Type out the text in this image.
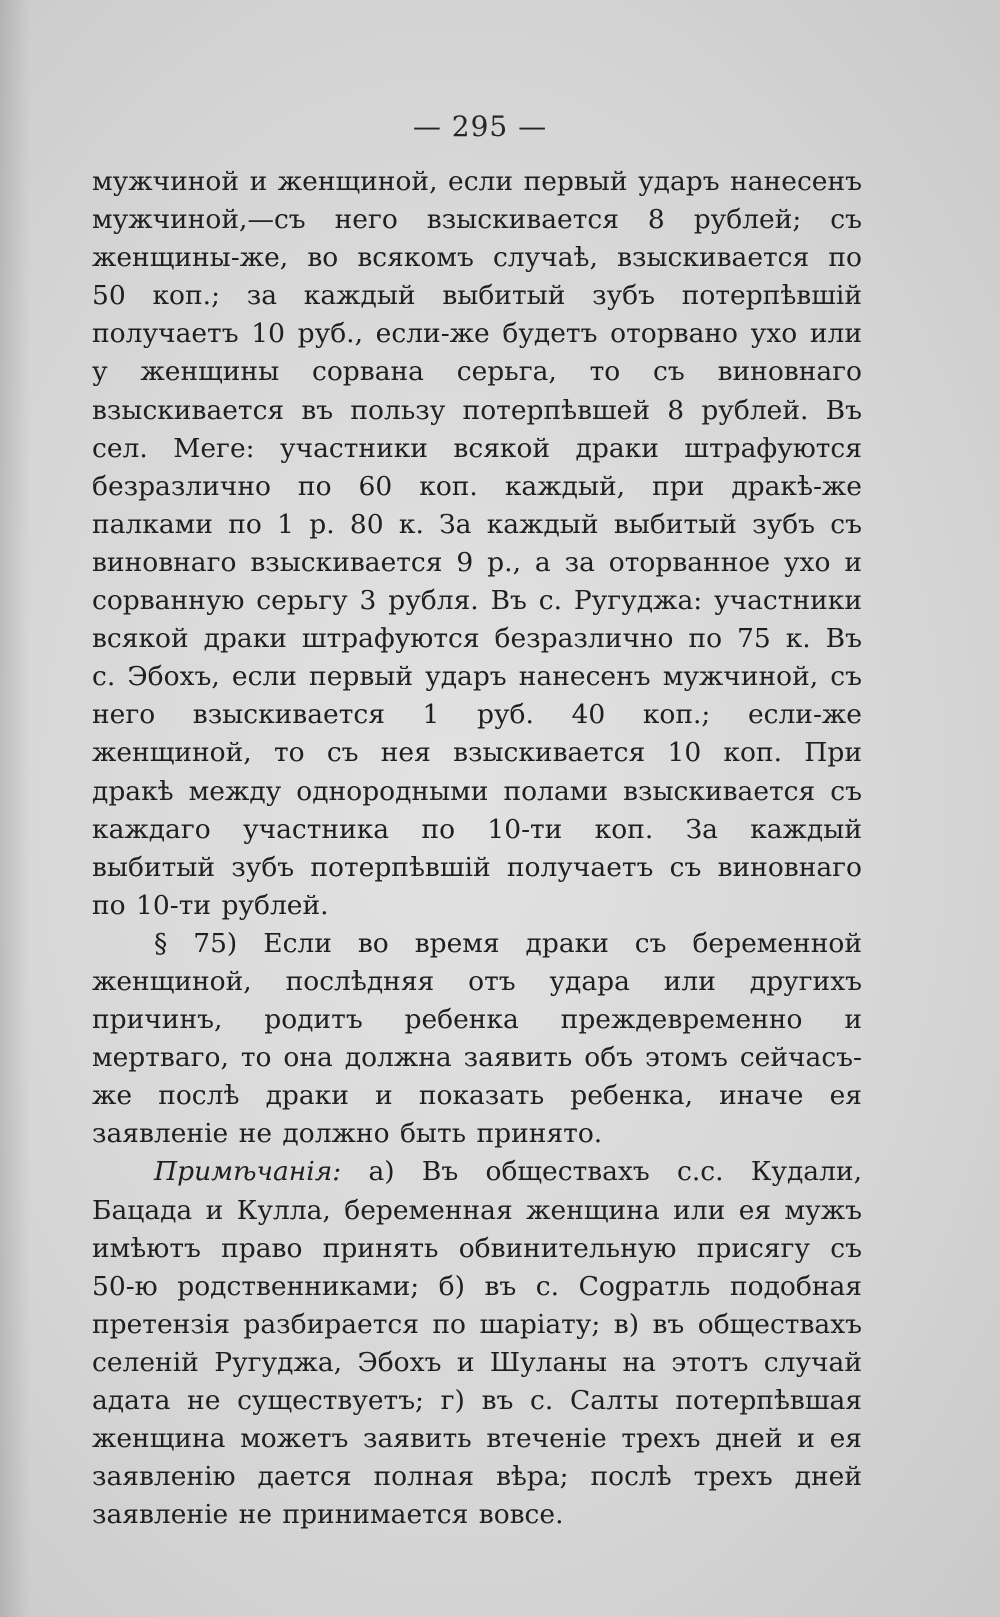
— 295 —

мужчиной и женщиной, если первый ударъ нанесенъ мужчиной,—съ него взыскивается 8 рублей; съ женщины-же, во всякомъ случаѣ, взыскивается по 50 коп.; за каждый выбитый зубъ потерпѣвшій получаетъ 10 руб., если-же будетъ оторвано ухо или у женщины сорвана серьга, то съ виновнаго взыскивается въ пользу потерпѣвшей 8 рублей. Въ сел. Меге: участники всякой драки штрафуются безразлично по 60 коп. каждый, при дракѣ-же палками по 1 р. 80 к. За каждый выбитый зубъ съ виновнаго взыскивается 9 р., а за оторванное ухо и сорванную серьгу 3 рубля. Въ с. Ругуджа: участники всякой драки штрафуются безразлично по 75 к. Въ с. Эбохъ, если первый ударъ нанесенъ мужчиной, съ него взыскивается 1 руб. 40 коп.; если-же женщиной, то съ нея взыскивается 10 коп. При дракѣ между однородными полами взыскивается съ каждаго участника по 10-ти коп. За каждый выбитый зубъ потерпѣвшій получаетъ съ виновнаго по 10-ти рублей.

§ 75) Если во время драки съ беременной женщиной, послѣдняя отъ удара или другихъ причинъ, родитъ ребенка преждевременно и мертваго, то она должна заявить объ этомъ сейчасъ-же послѣ драки и показать ребенка, иначе ея заявленіе не должно быть принято.

Примѣчанія: а) Въ обществахъ с.с. Кудали, Бацада и Кулла, беременная женщина или ея мужъ имѣютъ право принять обвинительную присягу съ 50-ю родственниками; б) въ с. Сogратль подобная претензія разбирается по шаріату; в) въ обществахъ селеній Ругуджа, Эбохъ и Шуланы на этотъ случай адата не существуетъ; г) въ с. Салты потерпѣвшая женщина можетъ заявить втеченіе трехъ дней и ея заявленію дается полная вѣра; послѣ трехъ дней заявленіе не принимается вовсе.
